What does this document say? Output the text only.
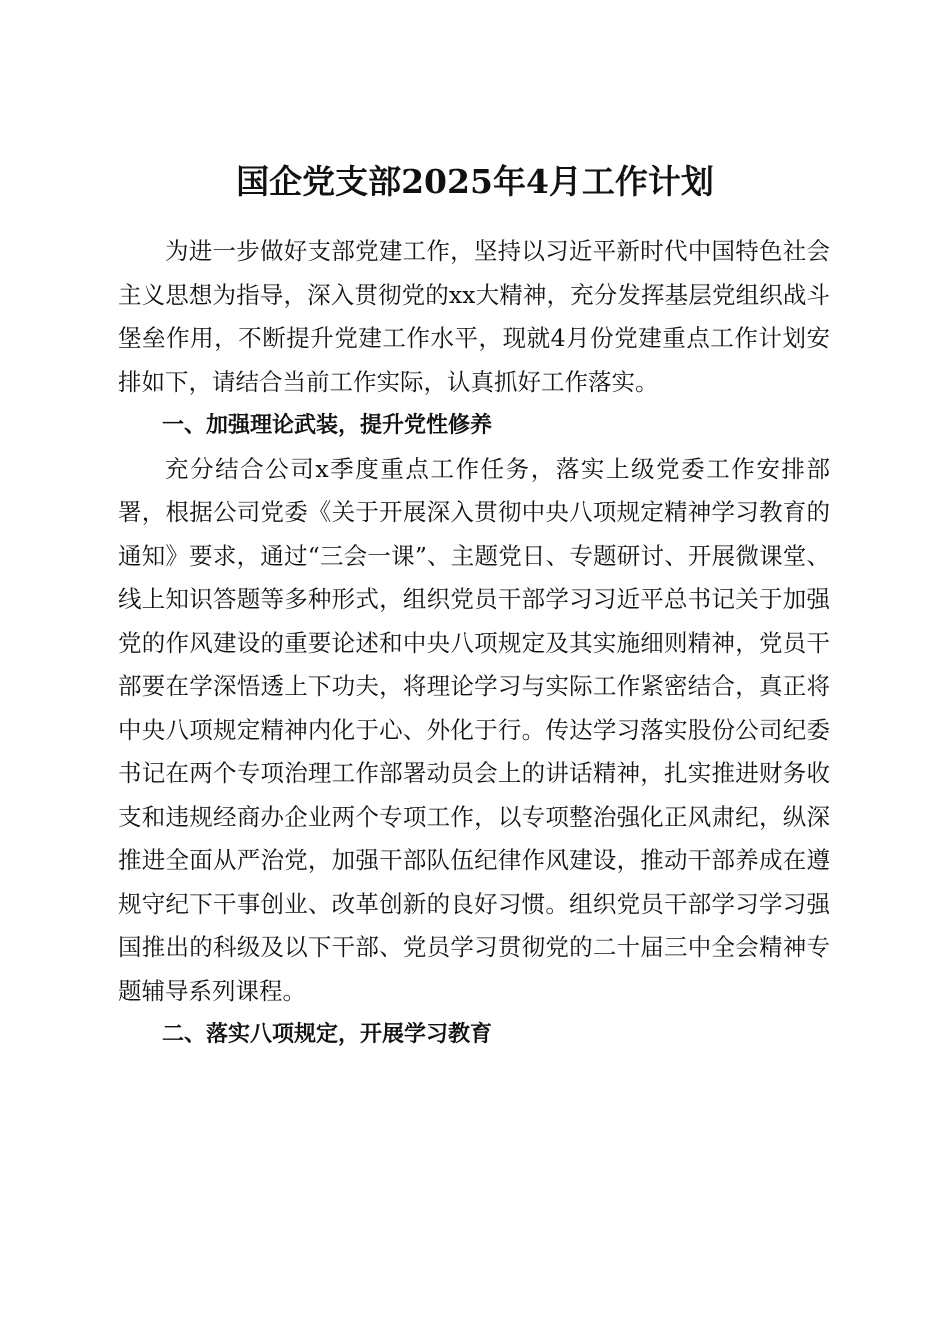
国企党支部2025年4月工作计划

为进一步做好支部党建工作，坚持以习近平新时代中国特色社会主义思想为指导，深入贯彻党的xx大精神，充分发挥基层党组织战斗堡垒作用，不断提升党建工作水平，现就4月份党建重点工作计划安排如下，请结合当前工作实际，认真抓好工作落实。

一、加强理论武装，提升党性修养

充分结合公司x季度重点工作任务，落实上级党委工作安排部署，根据公司党委《关于开展深入贯彻中央八项规定精神学习教育的通知》要求，通过“三会一课”、主题党日、专题研讨、开展微课堂、线上知识答题等多种形式，组织党员干部学习习近平总书记关于加强党的作风建设的重要论述和中央八项规定及其实施细则精神，党员干部要在学深悟透上下功夫，将理论学习与实际工作紧密结合，真正将中央八项规定精神内化于心、外化于行。传达学习落实股份公司纪委书记在两个专项治理工作部署动员会上的讲话精神，扎实推进财务收支和违规经商办企业两个专项工作，以专项整治强化正风肃纪，纵深推进全面从严治党，加强干部队伍纪律作风建设，推动干部养成在遵规守纪下干事创业、改革创新的良好习惯。组织党员干部学习学习强国推出的科级及以下干部、党员学习贯彻党的二十届三中全会精神专题辅导系列课程。

二、落实八项规定，开展学习教育
